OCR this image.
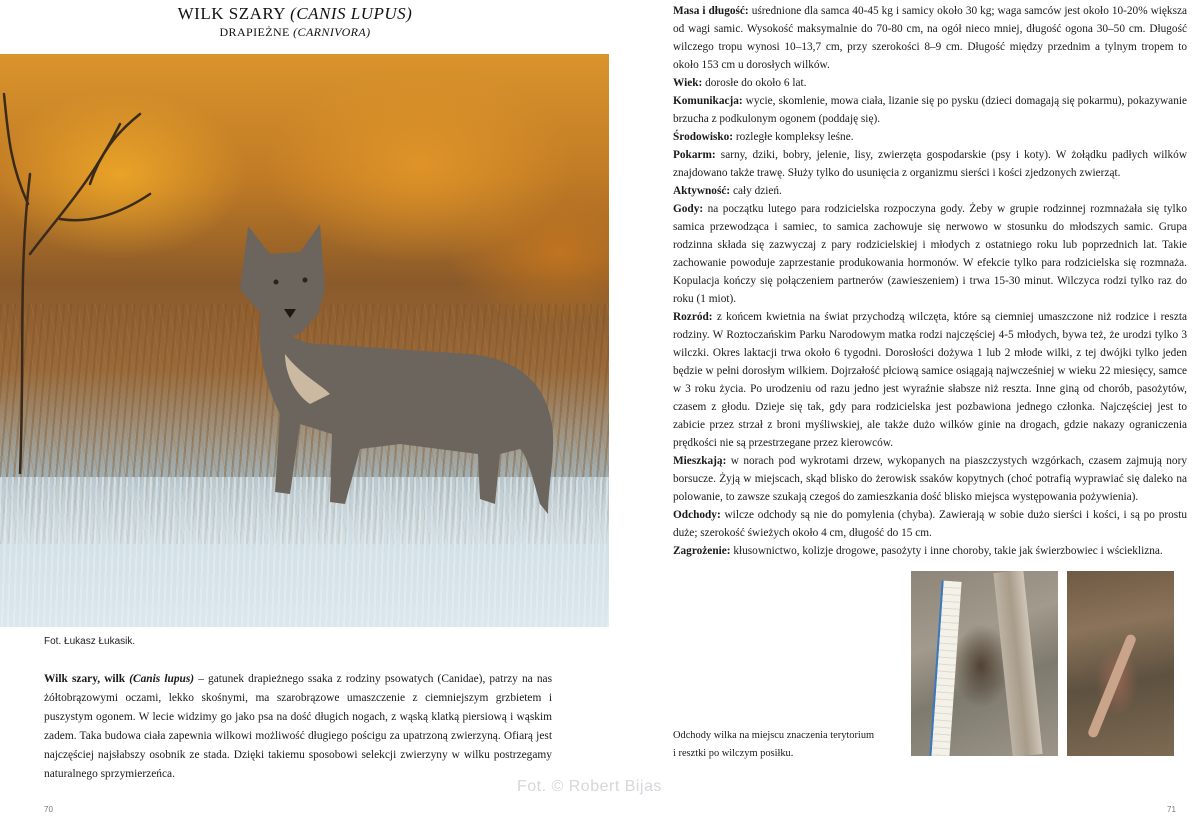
WILK SZARY (CANIS LUPUS)
DRAPIEŻNE (CARNIVORA)
Fot. Łukasz Łukasik.
Wilk szary, wilk (Canis lupus) – gatunek drapieżnego ssaka z rodziny psowatych (Canidae), patrzy na nas żółtobrązowymi oczami, lekko skośnymi, ma szarobrązowe umaszczenie z ciemniejszym grzbietem i puszystym ogonem. W lecie widzimy go jako psa na dość długich nogach, z wąską klatką piersiową i wąskim zadem. Taka budowa ciała zapewnia wilkowi możliwość długiego pościgu za upatrzoną zwierzyną. Ofiarą jest najczęściej najsłabszy osobnik ze stada. Dzięki takiemu sposobowi selekcji zwierzyny w wilku postrzegamy naturalnego sprzymierzeńca.
70

Masa i długość: uśrednione dla samca 40-45 kg i samicy około 30 kg; waga samców jest około 10-20% większa od wagi samic. Wysokość maksymalnie do 70-80 cm, na ogół nieco mniej, długość ogona 30–50 cm. Długość wilczego tropu wynosi 10–13,7 cm, przy szerokości 8–9 cm. Długość między przednim a tylnym tropem to około 153 cm u dorosłych wilków.

Wiek: dorosłe do około 6 lat.

Komunikacja: wycie, skomlenie, mowa ciała, lizanie się po pysku (dzieci domagają się pokarmu), pokazywanie brzucha z podkulonym ogonem (poddaję się).

Środowisko: rozległe kompleksy leśne.

Pokarm: sarny, dziki, bobry, jelenie, lisy, zwierzęta gospodarskie (psy i koty). W żołądku padłych wilków znajdowano także trawę. Służy tylko do usunięcia z organizmu sierści i kości zjedzonych zwierząt.

Aktywność: cały dzień.

Gody: na początku lutego para rodzicielska rozpoczyna gody. Żeby w grupie rodzinnej rozmnażała się tylko samica przewodząca i samiec, to samica zachowuje się nerwowo w stosunku do młodszych samic. Grupa rodzinna składa się zazwyczaj z pary rodzicielskiej i młodych z ostatniego roku lub poprzednich lat. Takie zachowanie powoduje zaprzestanie produkowania hormonów. W efekcie tylko para rodzicielska się rozmnaża. Kopulacja kończy się połączeniem partnerów (zawieszeniem) i trwa 15-30 minut. Wilczyca rodzi tylko raz do roku (1 miot).

Rozród: z końcem kwietnia na świat przychodzą wilczęta, które są ciemniej umaszczone niż rodzice i reszta rodziny. W Roztoczańskim Parku Narodowym matka rodzi najczęściej 4-5 młodych, bywa też, że urodzi tylko 3 wilczki. Okres laktacji trwa około 6 tygodni. Dorosłości dożywa 1 lub 2 młode wilki, z tej dwójki tylko jeden będzie w pełni dorosłym wilkiem. Dojrzałość płciową samice osiągają najwcześniej w wieku 22 miesięcy, samce w 3 roku życia. Po urodzeniu od razu jedno jest wyraźnie słabsze niż reszta. Inne giną od chorób, pasożytów, czasem z głodu. Dzieje się tak, gdy para rodzicielska jest pozbawiona jednego członka. Najczęściej jest to zabicie przez strzał z broni myśliwskiej, ale także dużo wilków ginie na drogach, gdzie nakazy ograniczenia prędkości nie są przestrzegane przez kierowców.

Mieszkają: w norach pod wykrotami drzew, wykopanych na piaszczystych wzgórkach, czasem zajmują nory borsucze. Żyją w miejscach, skąd blisko do żerowisk ssaków kopytnych (choć potrafią wyprawiać się daleko na polowanie, to zawsze szukają czegoś do zamieszkania dość blisko miejsca występowania pożywienia).

Odchody: wilcze odchody są nie do pomylenia (chyba). Zawierają w sobie dużo sierści i kości, i są po prostu duże; szerokość świeżych około 4 cm, długość do 15 cm.

Zagrożenie: kłusownictwo, kolizje drogowe, pasożyty i inne choroby, takie jak świerzbowiec i wścieklizna.

Odchody wilka na miejscu znaczenia terytorium
i resztki po wilczym posiłku.
71
Fot. © Robert Bijas
